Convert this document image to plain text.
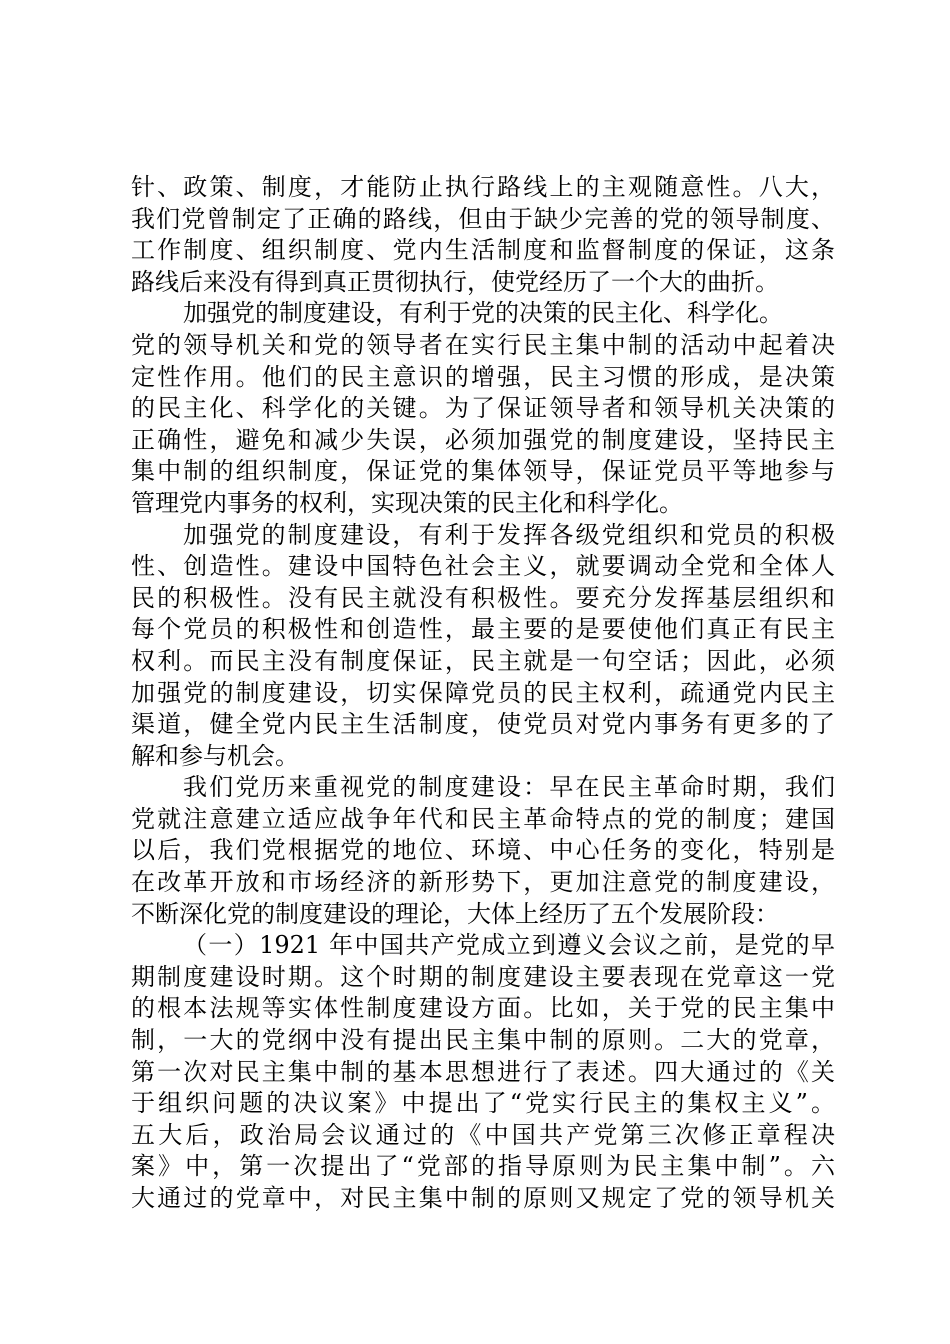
针、政策、制度，才能防止执行路线上的主观随意性。八大，
我们党曾制定了正确的路线，但由于缺少完善的党的领导制度、
工作制度、组织制度、党内生活制度和监督制度的保证，这条
路线后来没有得到真正贯彻执行，使党经历了一个大的曲折。
加强党的制度建设，有利于党的决策的民主化、科学化。
党的领导机关和党的领导者在实行民主集中制的活动中起着决
定性作用。他们的民主意识的增强，民主习惯的形成，是决策
的民主化、科学化的关键。为了保证领导者和领导机关决策的
正确性，避免和减少失误，必须加强党的制度建设，坚持民主
集中制的组织制度，保证党的集体领导，保证党员平等地参与
管理党内事务的权利，实现决策的民主化和科学化。
加强党的制度建设，有利于发挥各级党组织和党员的积极
性、创造性。建设中国特色社会主义，就要调动全党和全体人
民的积极性。没有民主就没有积极性。要充分发挥基层组织和
每个党员的积极性和创造性，最主要的是要使他们真正有民主
权利。而民主没有制度保证，民主就是一句空话；因此，必须
加强党的制度建设，切实保障党员的民主权利，疏通党内民主
渠道，健全党内民主生活制度，使党员对党内事务有更多的了
解和参与机会。
我们党历来重视党的制度建设：早在民主革命时期，我们
党就注意建立适应战争年代和民主革命特点的党的制度；建国
以后，我们党根据党的地位、环境、中心任务的变化，特别是
在改革开放和市场经济的新形势下，更加注意党的制度建设，
不断深化党的制度建设的理论，大体上经历了五个发展阶段：
（一）1921 年中国共产党成立到遵义会议之前，是党的早
期制度建设时期。这个时期的制度建设主要表现在党章这一党
的根本法规等实体性制度建设方面。比如，关于党的民主集中
制，一大的党纲中没有提出民主集中制的原则。二大的党章，
第一次对民主集中制的基本思想进行了表述。四大通过的《关
于组织问题的决议案》中提出了“党实行民主的集权主义”。
五大后，政治局会议通过的《中国共产党第三次修正章程决
案》中，第一次提出了“党部的指导原则为民主集中制”。六
大通过的党章中，对民主集中制的原则又规定了党的领导机关
